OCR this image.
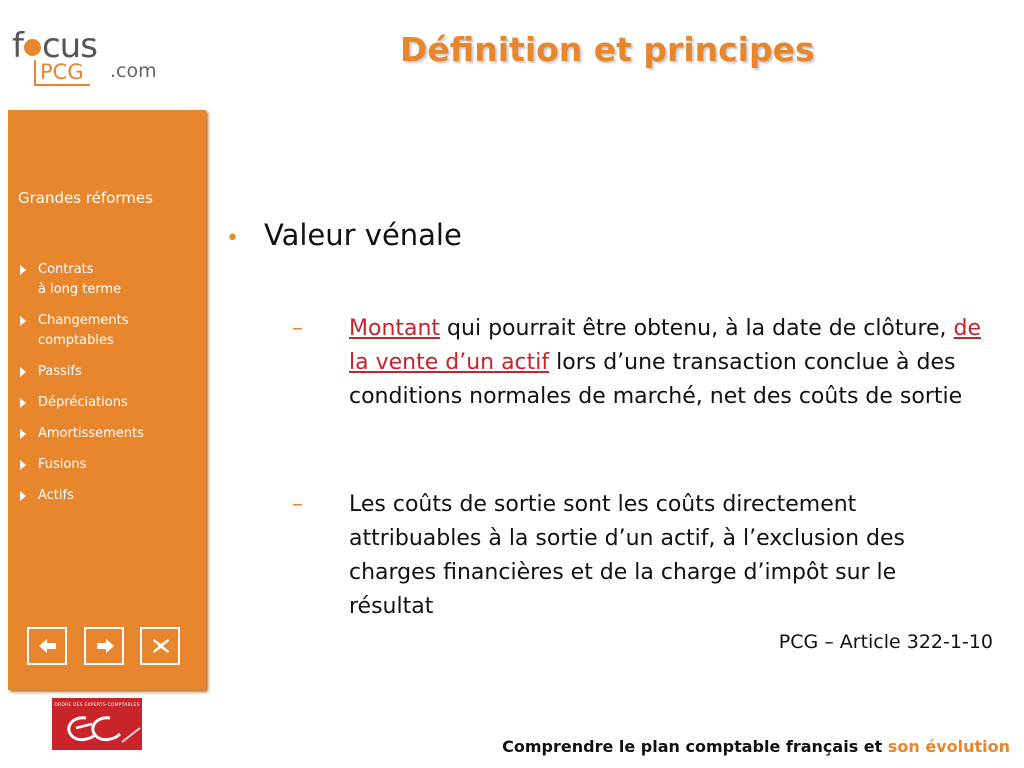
f cus
PCG	.com
Définition et principes
Grandes réformes
Contrats
à long terme
Changements
comptables
Passifs
Dépréciations
Amortissements
Fusions
Actifs
• Valeur vénale
– Montant qui pourrait être obtenu, à la date de clôture, de la vente d’un actif lors d’une transaction conclue à des conditions normales de marché, net des coûts de sortie
– Les coûts de sortie sont les coûts directement attribuables à la sortie d’un actif, à l’exclusion des charges financières et de la charge d’impôt sur le résultat
PCG – Article 322-1-10
ORDRE DES EXPERTS-COMPTABLES
Comprendre le plan comptable français et son évolution
